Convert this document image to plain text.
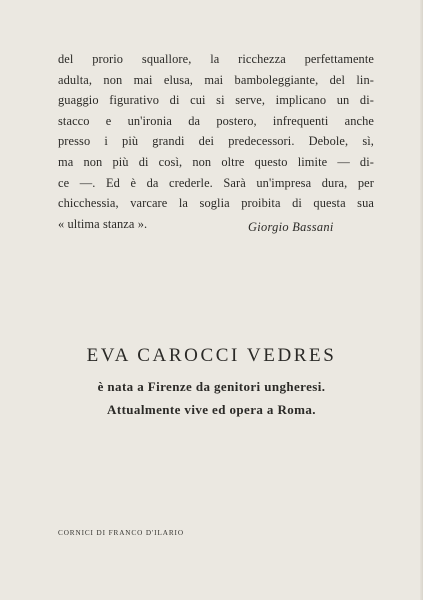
del prorio squallore, la ricchezza perfettamente
adulta, non mai elusa, mai bamboleggiante, del lin-
guaggio figurativo di cui si serve, implicano un di-
stacco e un'ironia da postero, infrequenti anche
presso i più grandi dei predecessori. Debole, sì,
ma non più di così, non oltre questo limite — di-
ce —. Ed è da crederle. Sarà un'impresa dura, per
chicchessia, varcare la soglia proibita di questa sua
« ultima stanza ».	Giorgio Bassani
EVA CAROCCI VEDRES
è nata a Firenze da genitori ungheresi.
Attualmente vive ed opera a Roma.
CORNICI DI FRANCO D'ILARIO
